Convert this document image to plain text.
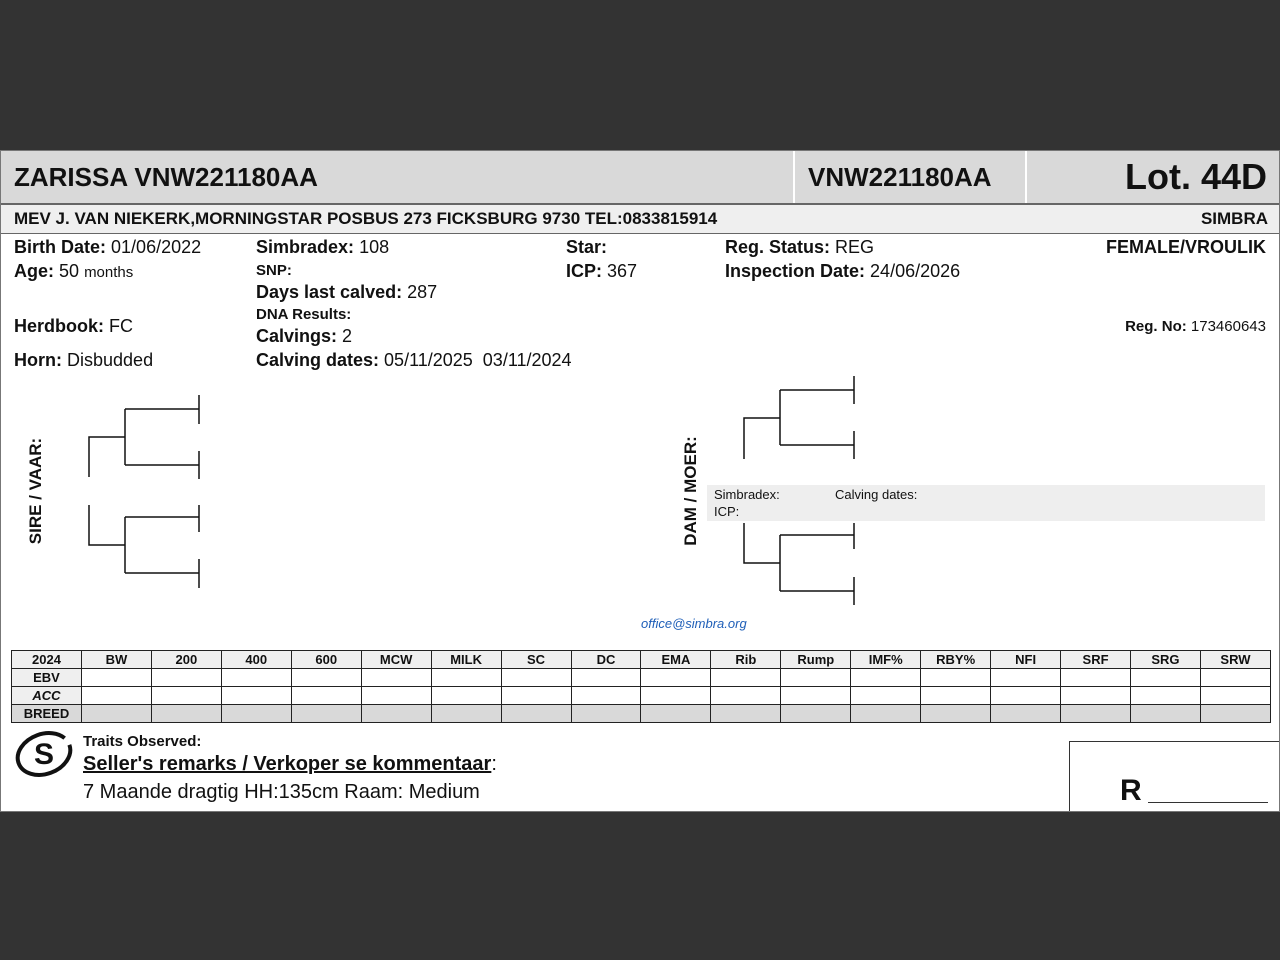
ZARISSA VNW221180AA	VNW221180AA	Lot. 44D
MEV J. VAN NIEKERK,MORNINGSTAR POSBUS 273 FICKSBURG 9730 TEL:0833815914	SIMBRA
Birth Date: 01/06/2022
Age: 50 months
Herdbook: FC
Horn: Disbudded
Simbradex: 108
SNP:
Days last calved: 287
DNA Results:
Calvings: 2
Calving dates: 05/11/2025  03/11/2024
Star:
ICP: 367
Reg. Status: REG
Inspection Date: 24/06/2026
FEMALE/VROULIK
Reg. No: 173460643
SIRE / VAAR:	DAM / MOER: Simbradex:
ICP:
Calving dates:
office@simbra.org
2024	BW	200	400	600	MCW	MILK	SC	DC	EMA	Rib	Rump	IMF%	RBY%	NFI	SRF	SRG	SRW
EBV																	
ACC																	
BREED																	
S Traits Observed:
Seller's remarks / Verkoper se kommentaar:
7 Maande dragtig HH:135cm Raam: Medium	R
